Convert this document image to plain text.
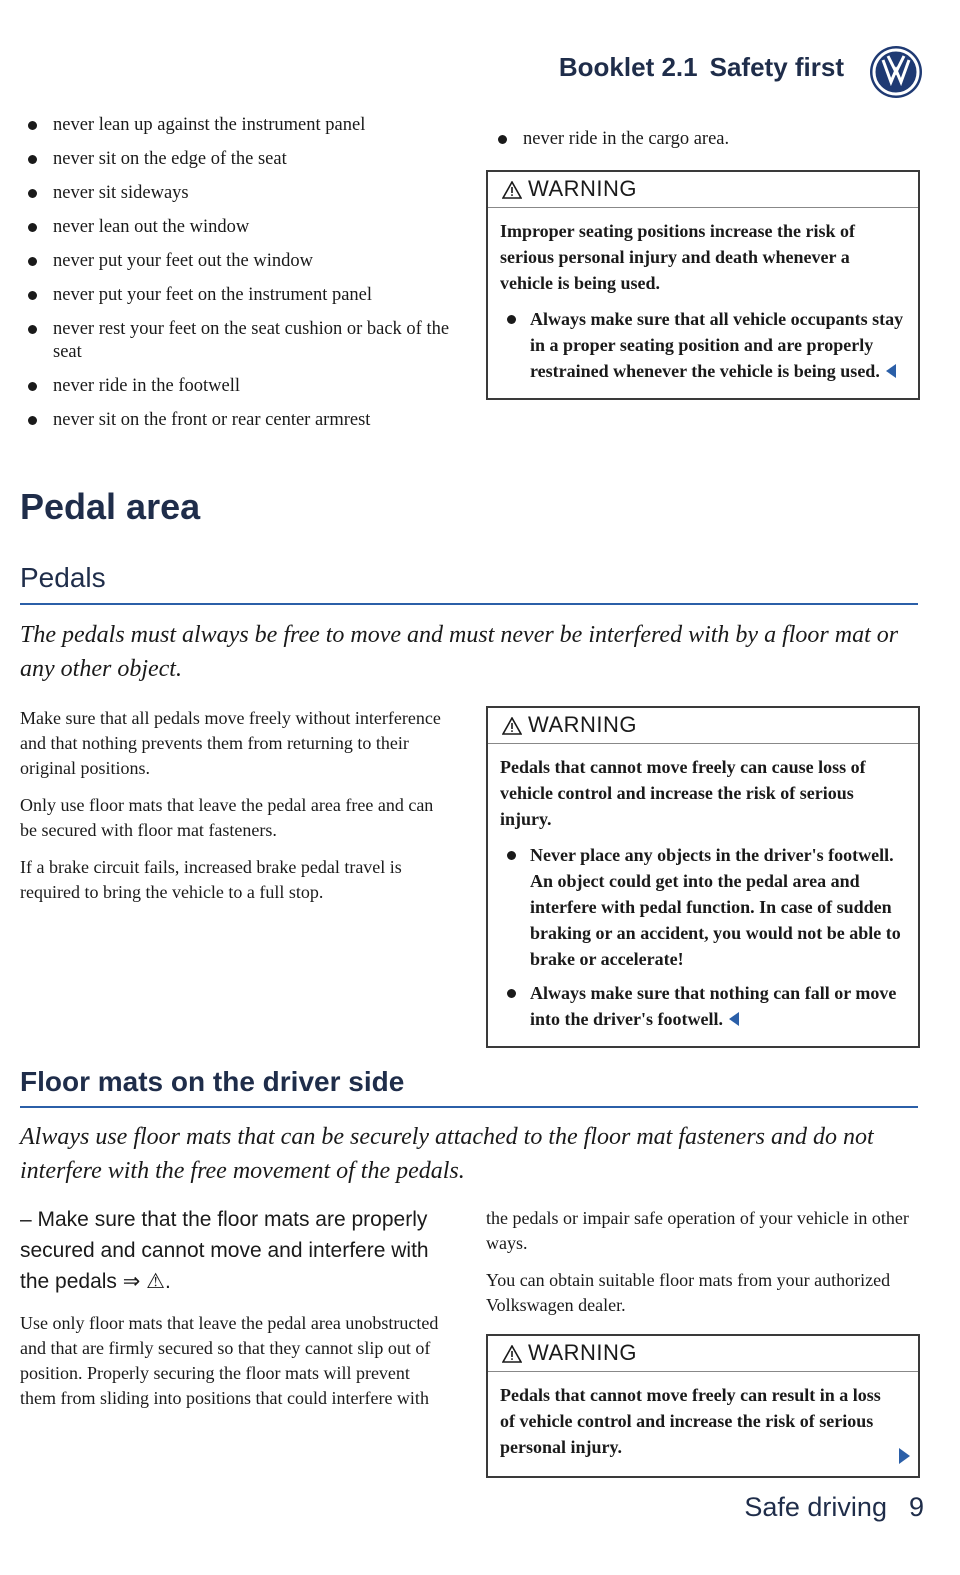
Booklet 2.1 Safety first
never lean up against the instrument panel
never sit on the edge of the seat
never sit sideways
never lean out the window
never put your feet out the window
never put your feet on the instrument panel
never rest your feet on the seat cushion or back of the seat
never ride in the footwell
never sit on the front or rear center armrest
never ride in the cargo area.
WARNING

Improper seating positions increase the risk of serious personal injury and death whenever a vehicle is being used.

Always make sure that all vehicle occupants stay in a proper seating position and are properly restrained whenever the vehicle is being used.
Pedal area
Pedals
The pedals must always be free to move and must never be interfered with by a floor mat or any other object.

Make sure that all pedals move freely without interference and that nothing prevents them from returning to their original positions.

Only use floor mats that leave the pedal area free and can be secured with floor mat fasteners.

If a brake circuit fails, increased brake pedal travel is required to bring the vehicle to a full stop.

WARNING

Pedals that cannot move freely can cause loss of vehicle control and increase the risk of serious injury.

Never place any objects in the driver's footwell. An object could get into the pedal area and interfere with pedal function. In case of sudden braking or an accident, you would not be able to brake or accelerate!
Always make sure that nothing can fall or move into the driver's footwell.
Floor mats on the driver side
Always use floor mats that can be securely attached to the floor mat fasteners and do not interfere with the free movement of the pedals.

– Make sure that the floor mats are properly secured and cannot move and interfere with the pedals ⇒ ⚠.

Use only floor mats that leave the pedal area unobstructed and that are firmly secured so that they cannot slip out of position. Properly securing the floor mats will prevent them from sliding into positions that could interfere with

the pedals or impair safe operation of your vehicle in other ways.

You can obtain suitable floor mats from your authorized Volkswagen dealer.

WARNING

Pedals that cannot move freely can result in a loss of vehicle control and increase the risk of serious personal injury.

Safe driving 9
